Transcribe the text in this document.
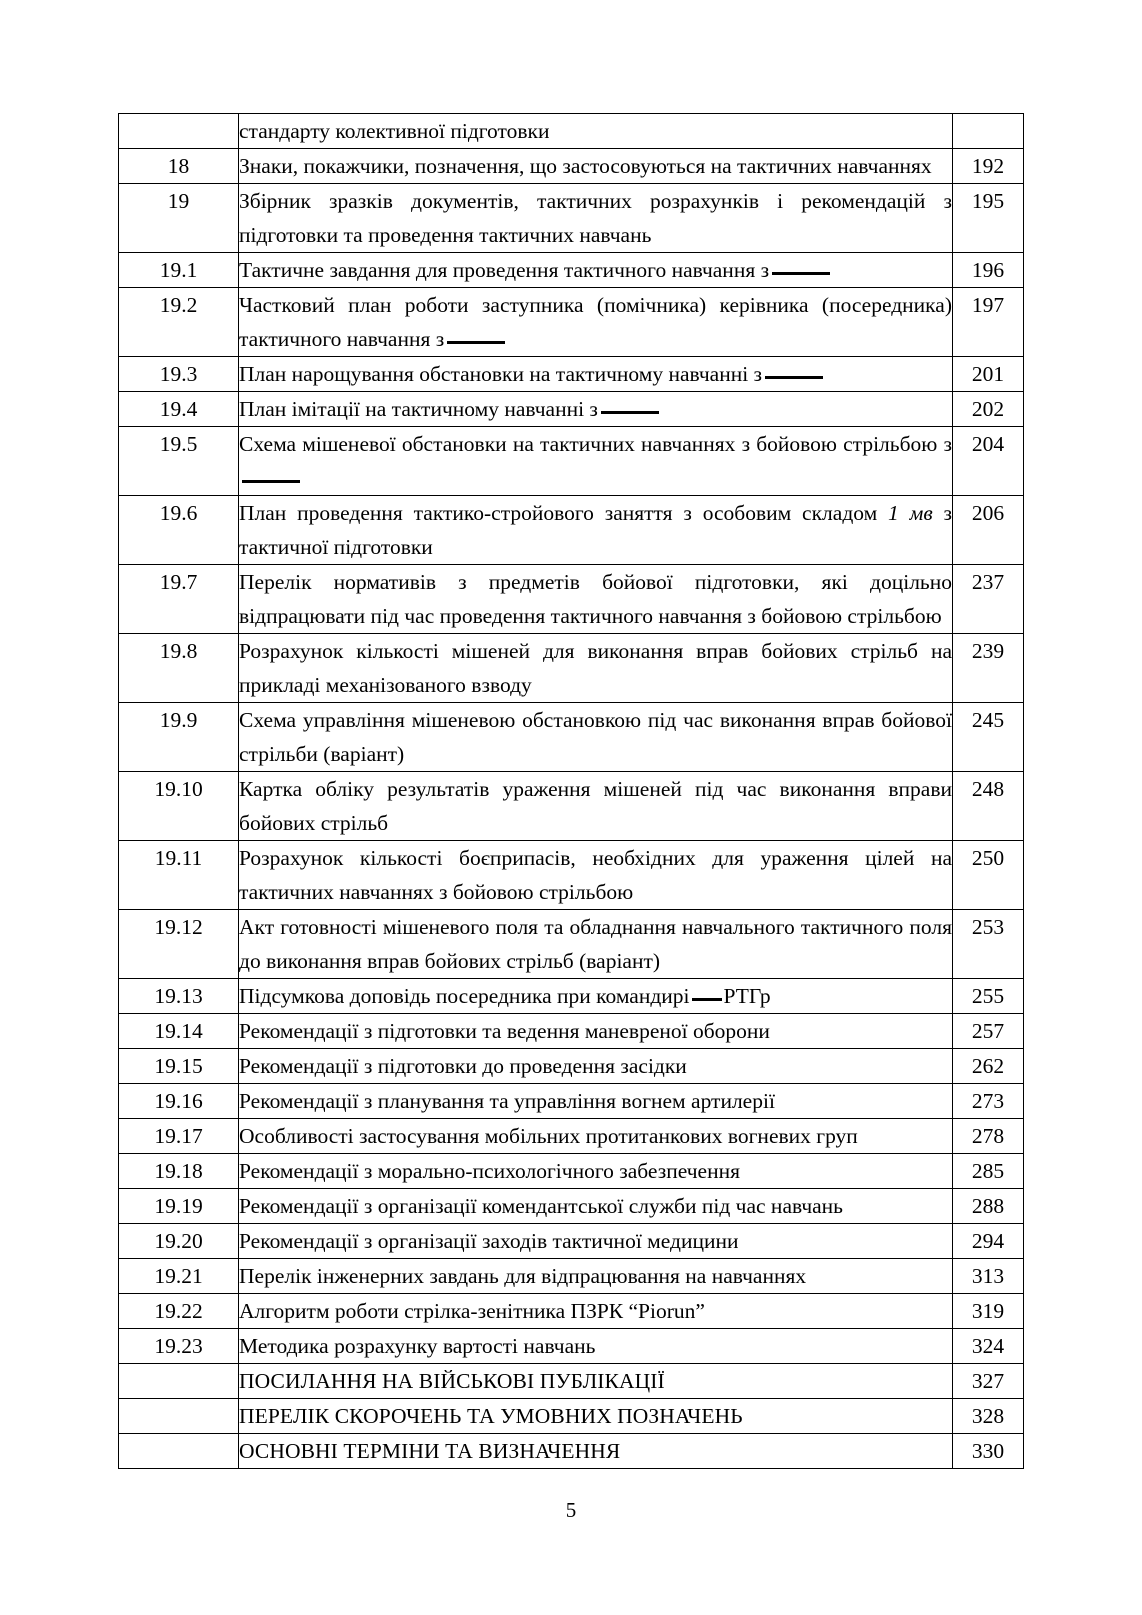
	стандарту колективної підготовки	
18	Знаки, покажчики, позначення, що застосовуються на тактичних навчаннях	192
19	Збірник зразків документів, тактичних розрахунків і рекомендацій з підготовки та проведення тактичних навчань	195
19.1	Тактичне завдання для проведення тактичного навчання з	196
19.2	Частковий план роботи заступника (помічника) керівника (посередника) тактичного навчання з	197
19.3	План нарощування обстановки на тактичному навчанні з	201
19.4	План імітації на тактичному навчанні з	202
19.5	Схема мішеневої обстановки на тактичних навчаннях з бойовою стрільбою з	204
19.6	План проведення тактико-стройового заняття з особовим складом 1 мв з тактичної підготовки	206
19.7	Перелік нормативів з предметів бойової підготовки, які доцільно відпрацювати під час проведення тактичного навчання з бойовою стрільбою	237
19.8	Розрахунок кількості мішеней для виконання вправ бойових стрільб на прикладі механізованого взводу	239
19.9	Схема управління мішеневою обстановкою під час виконання вправ бойової стрільби (варіант)	245
19.10	Картка обліку результатів ураження мішеней під час виконання вправи бойових стрільб	248
19.11	Розрахунок кількості боєприпасів, необхідних для ураження цілей на тактичних навчаннях з бойовою стрільбою	250
19.12	Акт готовності мішеневого поля та обладнання навчального тактичного поля до виконання вправ бойових стрільб (варіант)	253
19.13	Підсумкова доповідь посередника при командирі РТГр	255
19.14	Рекомендації з підготовки та ведення маневреної оборони	257
19.15	Рекомендації з підготовки до проведення засідки	262
19.16	Рекомендації з планування та управління вогнем артилерії	273
19.17	Особливості застосування мобільних протитанкових вогневих груп	278
19.18	Рекомендації з морально-психологічного забезпечення	285
19.19	Рекомендації з організації комендантської служби під час навчань	288
19.20	Рекомендації з організації заходів тактичної медицини	294
19.21	Перелік інженерних завдань для відпрацювання на навчаннях	313
19.22	Алгоритм роботи стрілка-зенітника ПЗРК “Piorun”	319
19.23	Методика розрахунку вартості навчань	324
	ПОСИЛАННЯ НА ВІЙСЬКОВІ ПУБЛІКАЦІЇ	327
	ПЕРЕЛІК СКОРОЧЕНЬ ТА УМОВНИХ ПОЗНАЧЕНЬ	328
	ОСНОВНІ ТЕРМІНИ ТА ВИЗНАЧЕННЯ	330
5
